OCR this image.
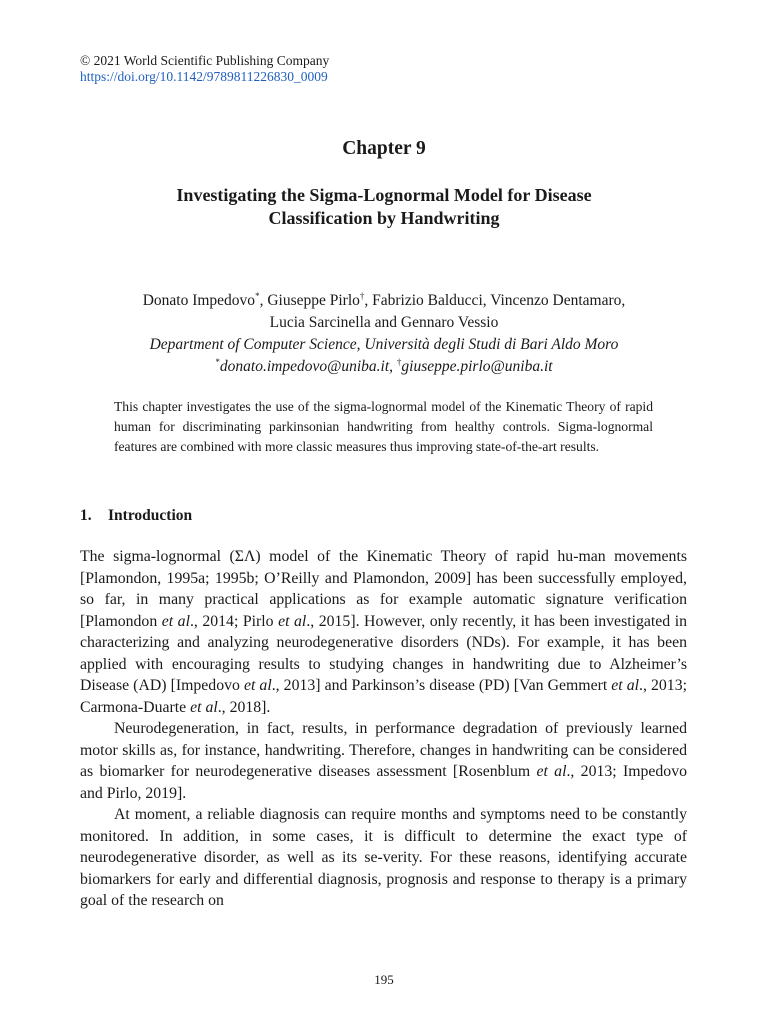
© 2021 World Scientific Publishing Company
https://doi.org/10.1142/9789811226830_0009
Chapter 9
Investigating the Sigma-Lognormal Model for Disease
Classification by Handwriting
Donato Impedovo*, Giuseppe Pirlo†, Fabrizio Balducci, Vincenzo Dentamaro,
Lucia Sarcinella and Gennaro Vessio
Department of Computer Science, Università degli Studi di Bari Aldo Moro
*donato.impedovo@uniba.it, †giuseppe.pirlo@uniba.it
This chapter investigates the use of the sigma-lognormal model of the Kinematic Theory of rapid human for discriminating parkinsonian handwriting from healthy controls. Sigma-lognormal features are combined with more classic measures thus improving state-of-the-art results.
1. Introduction

The sigma-lognormal (ΣΛ) model of the Kinematic Theory of rapid hu-man movements [Plamondon, 1995a; 1995b; O’Reilly and Plamondon, 2009] has been successfully employed, so far, in many practical applications as for example automatic signature verification [Plamondon et al., 2014; Pirlo et al., 2015]. However, only recently, it has been investigated in characterizing and analyzing neurodegenerative disorders (NDs). For example, it has been applied with encouraging results to studying changes in handwriting due to Alzheimer’s Disease (AD) [Impedovo et al., 2013] and Parkinson’s disease (PD) [Van Gemmert et al., 2013; Carmona-Duarte et al., 2018].

Neurodegeneration, in fact, results, in performance degradation of previously learned motor skills as, for instance, handwriting. Therefore, changes in handwriting can be considered as biomarker for neurodegenerative diseases assessment [Rosenblum et al., 2013; Impedovo and Pirlo, 2019].

At moment, a reliable diagnosis can require months and symptoms need to be constantly monitored. In addition, in some cases, it is difficult to determine the exact type of neurodegenerative disorder, as well as its se-verity. For these reasons, identifying accurate biomarkers for early and differential diagnosis, prognosis and response to therapy is a primary goal of the research on

195
